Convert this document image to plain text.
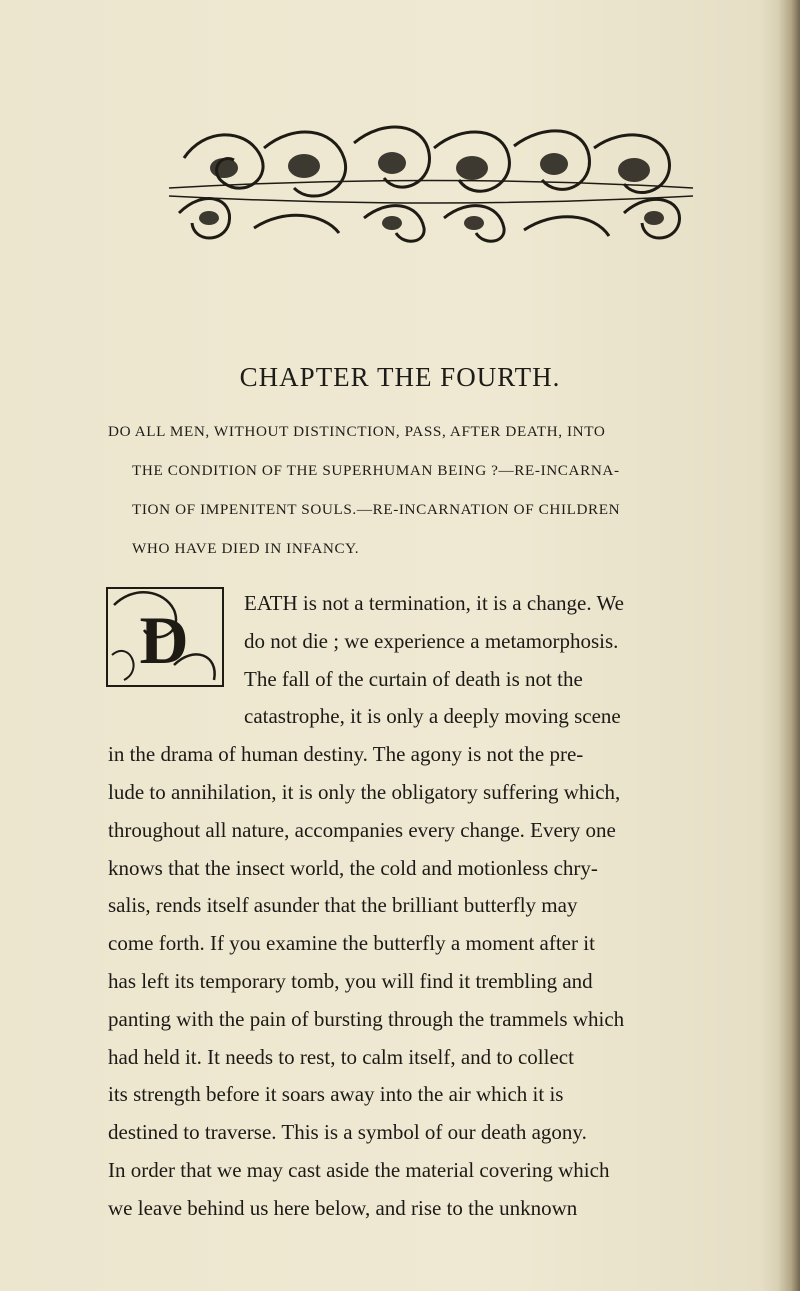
CHAPTER THE FOURTH.
DO ALL MEN, WITHOUT DISTINCTION, PASS, AFTER DEATH, INTO
THE CONDITION OF THE SUPERHUMAN BEING ?—RE-INCARNA-
TION OF IMPENITENT SOULS.—RE-INCARNATION OF CHILDREN
WHO HAVE DIED IN INFANCY.
D	EATH is not a termination, it is a change. We
do not die ; we experience a metamorphosis.
The fall of the curtain of death is not the
catastrophe, it is only a deeply moving scene
in the drama of human destiny. The agony is not the pre-
lude to annihilation, it is only the obligatory suffering which,
throughout all nature, accompanies every change. Every one
knows that the insect world, the cold and motionless chry-
salis, rends itself asunder that the brilliant butterfly may
come forth. If you examine the butterfly a moment after it
has left its temporary tomb, you will find it trembling and
panting with the pain of bursting through the trammels which
had held it. It needs to rest, to calm itself, and to collect
its strength before it soars away into the air which it is
destined to traverse. This is a symbol of our death agony.
In order that we may cast aside the material covering which
we leave behind us here below, and rise to the unknown
